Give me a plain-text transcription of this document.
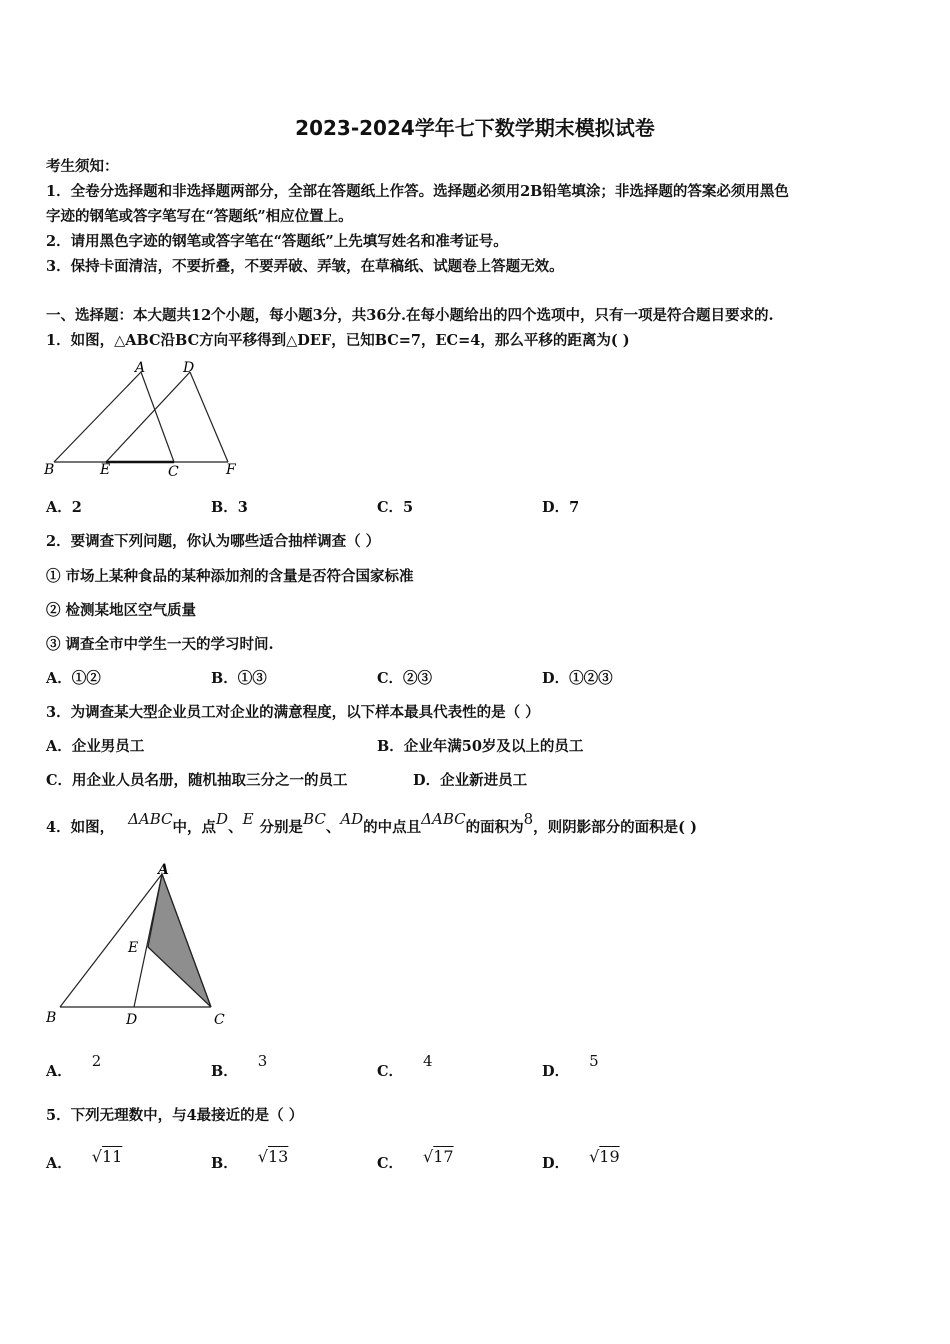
2023-2024学年七下数学期末模拟试卷
考生须知：
1．全卷分选择题和非选择题两部分，全部在答题纸上作答。选择题必须用2B铅笔填涂；非选择题的答案必须用黑色
字迹的钢笔或答字笔写在“答题纸”相应位置上。
2．请用黑色字迹的钢笔或答字笔在“答题纸”上先填写姓名和准考证号。
3．保持卡面清洁，不要折叠，不要弄破、弄皱，在草稿纸、试题卷上答题无效。
一、选择题：本大题共12个小题，每小题3分，共36分.在每小题给出的四个选项中，只有一项是符合题目要求的.
1．如图，△ABC沿BC方向平移得到△DEF，已知BC=7，EC=4，那么平移的距离为( )
A	D
B	E	C	F
A．2	B．3	C．5	D．7
2．要调查下列问题，你认为哪些适合抽样调查（ ）
① 市场上某种食品的某种添加剂的含量是否符合国家标准
② 检测某地区空气质量
③ 调查全市中学生一天的学习时间.
A．①②	B．①③	C．②③	D．①②③
3．为调查某大型企业员工对企业的满意程度，以下样本最具代表性的是（ ）
A．企业男员工	B．企业年满50岁及以上的员工
C．用企业人员名册，随机抽取三分之一的员工	D．企业新进员工
4．如图， ΔABC中，点D、E 分别是BC、AD的中点且ΔABC的面积为8，则阴影部分的面积是( )
A
E
B	D	C
A．2
B．3
C．4
D．5
5．下列无理数中，与4最接近的是（ ）
A． √11	B． √13	C． √17	D． √19
